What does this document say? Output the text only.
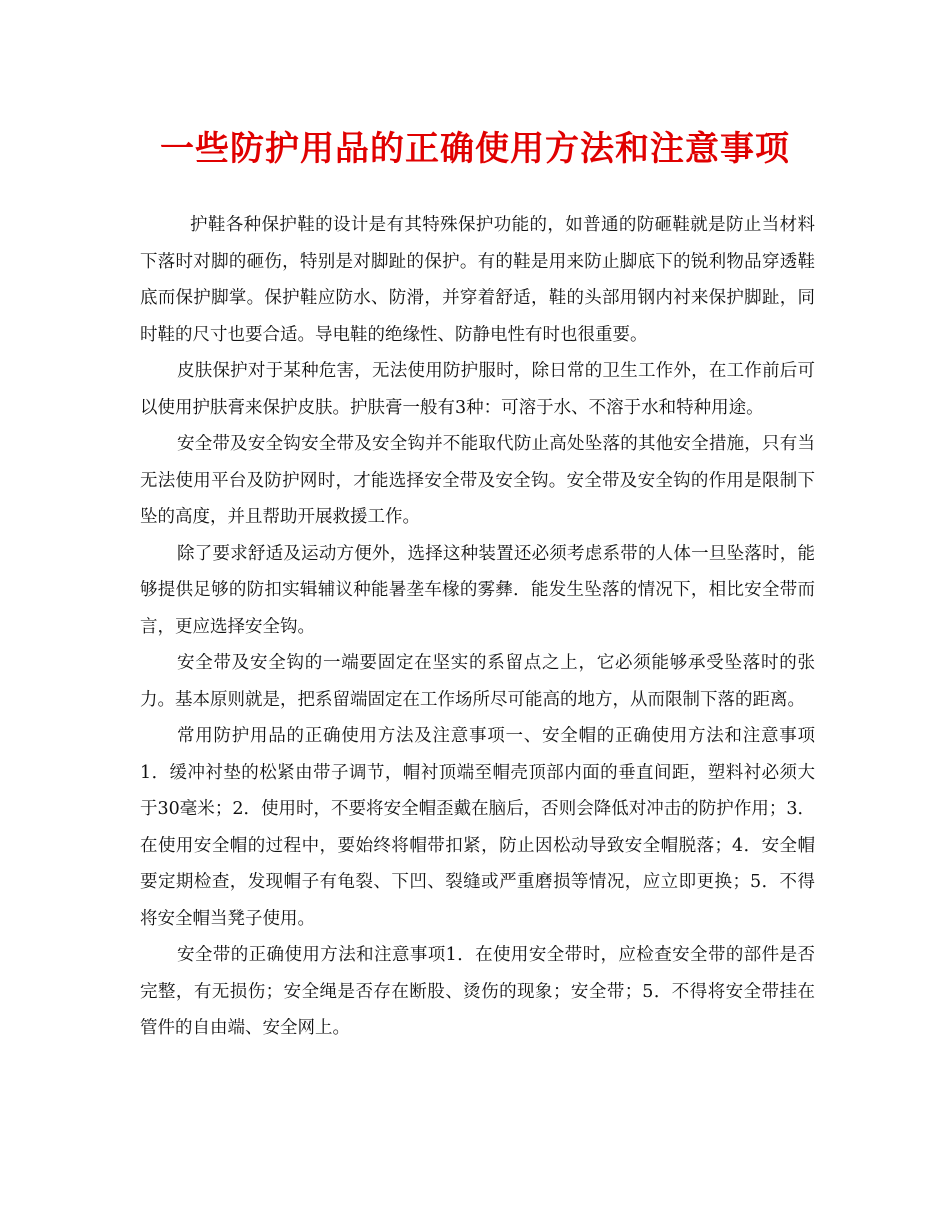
一些防护用品的正确使用方法和注意事项

护鞋各种保护鞋的设计是有其特殊保护功能的，如普通的防砸鞋就是防止当材料下落时对脚的砸伤，特别是对脚趾的保护。有的鞋是用来防止脚底下的锐利物品穿透鞋底而保护脚掌。保护鞋应防水、防滑，并穿着舒适，鞋的头部用钢内衬来保护脚趾，同时鞋的尺寸也要合适。导电鞋的绝缘性、防静电性有时也很重要。

皮肤保护对于某种危害，无法使用防护服时，除日常的卫生工作外，在工作前后可以使用护肤膏来保护皮肤。护肤膏一般有3种：可溶于水、不溶于水和特种用途。

安全带及安全钩安全带及安全钩并不能取代防止高处坠落的其他安全措施，只有当无法使用平台及防护网时，才能选择安全带及安全钩。安全带及安全钩的作用是限制下坠的高度，并且帮助开展救援工作。

除了要求舒适及运动方便外，选择这种装置还必须考虑系带的人体一旦坠落时，能够提供足够的防扣实辑辅议种能暑垄车椽的雾彝．能发生坠落的情况下，相比安全带而言，更应选择安全钩。

安全带及安全钩的一端要固定在坚实的系留点之上，它必须能够承受坠落时的张力。基本原则就是，把系留端固定在工作场所尽可能高的地方，从而限制下落的距离。

常用防护用品的正确使用方法及注意事项一、安全帽的正确使用方法和注意事项1．缓冲衬垫的松紧由带子调节，帽衬顶端至帽壳顶部内面的垂直间距，塑料衬必须大于30毫米；2．使用时，不要将安全帽歪戴在脑后，否则会降低对冲击的防护作用；3．在使用安全帽的过程中，要始终将帽带扣紧，防止因松动导致安全帽脱落；4．安全帽要定期检查，发现帽子有龟裂、下凹、裂缝或严重磨损等情况，应立即更换；5．不得将安全帽当凳子使用。

安全带的正确使用方法和注意事项1．在使用安全带时，应检查安全带的部件是否完整，有无损伤；安全绳是否存在断股、烫伤的现象；安全带；5．不得将安全带挂在管件的自由端、安全网上。
